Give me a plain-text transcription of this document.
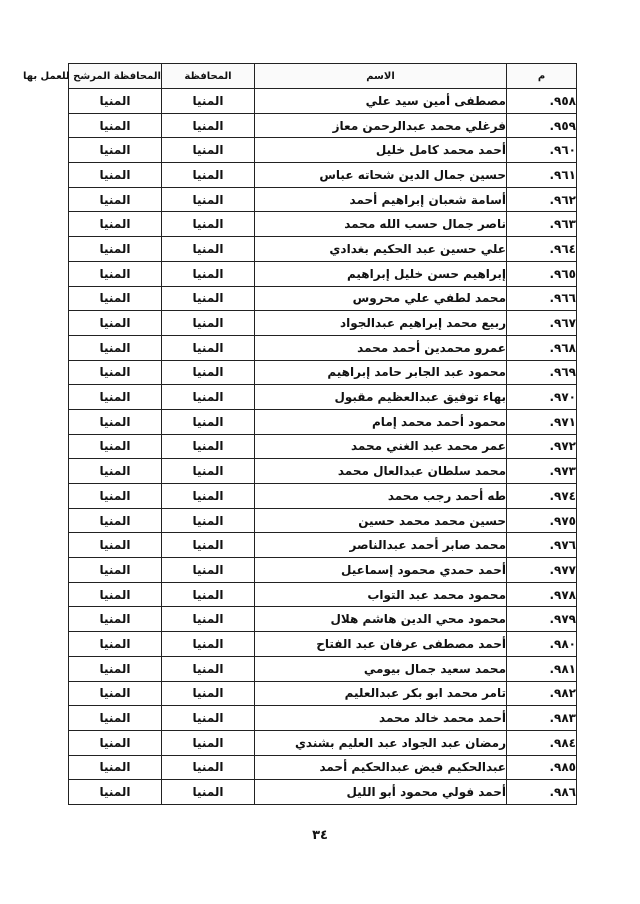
م	الاسم	المحافظة	المحافظة المرشح للعمل بها
٩٥٨.	مصطفى أمين سيد علي	المنيا	المنيا
٩٥٩.	فرغلي محمد عبدالرحمن معاز	المنيا	المنيا
٩٦٠.	أحمد محمد كامل خليل	المنيا	المنيا
٩٦١.	حسين جمال الدين شحاته عباس	المنيا	المنيا
٩٦٢.	أسامة شعبان إبراهيم أحمد	المنيا	المنيا
٩٦٣.	ناصر جمال حسب الله محمد	المنيا	المنيا
٩٦٤.	علي حسين عبد الحكيم بغدادي	المنيا	المنيا
٩٦٥.	إبراهيم حسن خليل إبراهيم	المنيا	المنيا
٩٦٦.	محمد لطفي علي محروس	المنيا	المنيا
٩٦٧.	ربيع محمد إبراهيم عبدالجواد	المنيا	المنيا
٩٦٨.	عمرو محمدين أحمد محمد	المنيا	المنيا
٩٦٩.	محمود عبد الجابر حامد إبراهيم	المنيا	المنيا
٩٧٠.	بهاء توفيق عبدالعظيم مقبول	المنيا	المنيا
٩٧١.	محمود أحمد محمد إمام	المنيا	المنيا
٩٧٢.	عمر محمد عبد الغني محمد	المنيا	المنيا
٩٧٣.	محمد سلطان عبدالعال محمد	المنيا	المنيا
٩٧٤.	طه أحمد رجب محمد	المنيا	المنيا
٩٧٥.	حسين محمد محمد حسين	المنيا	المنيا
٩٧٦.	محمد صابر أحمد عبدالناصر	المنيا	المنيا
٩٧٧.	أحمد حمدي محمود إسماعيل	المنيا	المنيا
٩٧٨.	محمود محمد عبد التواب	المنيا	المنيا
٩٧٩.	محمود محي الدين هاشم هلال	المنيا	المنيا
٩٨٠.	أحمد مصطفى عرفان عبد الفتاح	المنيا	المنيا
٩٨١.	محمد سعيد جمال بيومي	المنيا	المنيا
٩٨٢.	تامر محمد ابو بكر عبدالعليم	المنيا	المنيا
٩٨٣.	أحمد محمد خالد محمد	المنيا	المنيا
٩٨٤.	رمضان عبد الجواد عبد العليم بشندي	المنيا	المنيا
٩٨٥.	عبدالحكيم فيض عبدالحكيم أحمد	المنيا	المنيا
٩٨٦.	أحمد فولي محمود أبو الليل	المنيا	المنيا
٣٤
